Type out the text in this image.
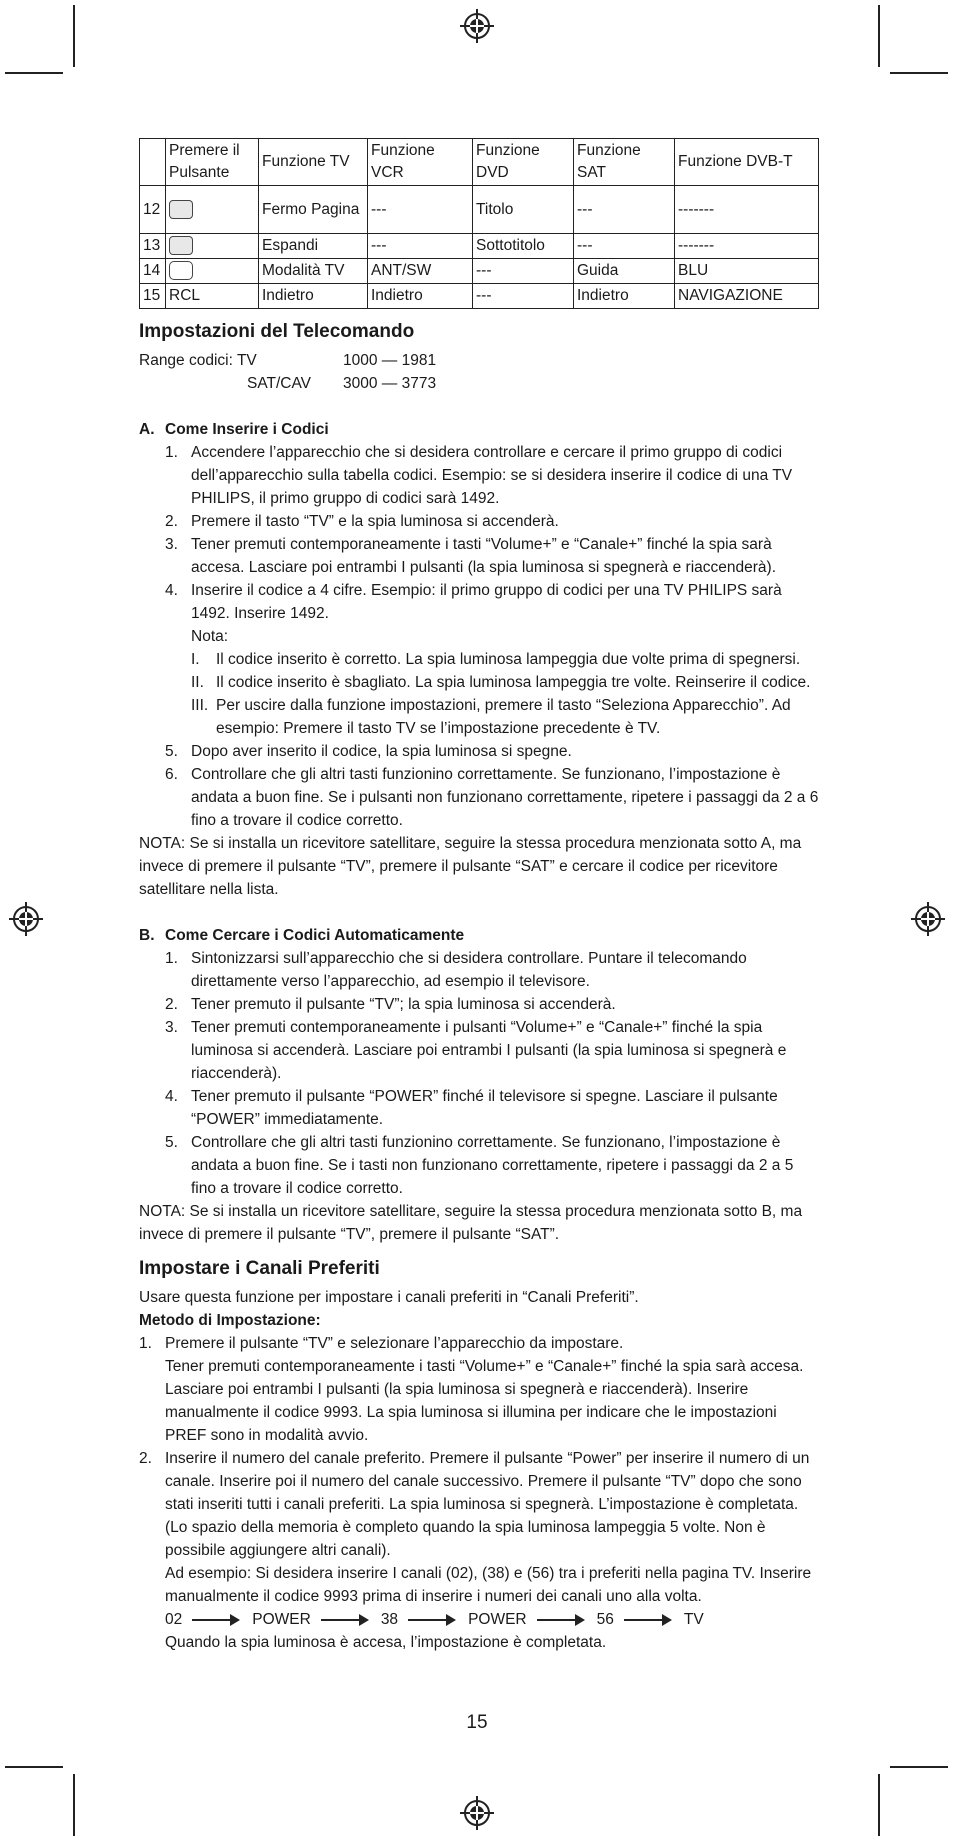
	Premere il Pulsante	Funzione TV	Funzione VCR	Funzione DVD	Funzione SAT	Funzione DVB-T
12		Fermo Pagina	---	Titolo	---	-------
13		Espandi	---	Sottotitolo	---	-------
14		Modalità TV	ANT/SW	---	Guida	BLU
15	RCL	Indietro	Indietro	---	Indietro	NAVIGAZIONE
Impostazioni del Telecomando
Range codici: TV	1000 — 1981
SAT/CAV	3000 — 3773
A. Come Inserire i Codici
1. Accendere l’apparecchio che si desidera controllare e cercare il primo gruppo di codici dell’apparecchio sulla tabella codici. Esempio: se si desidera inserire il codice di una TV PHILIPS, il primo gruppo di codici sarà 1492.
2. Premere il tasto “TV” e la spia luminosa si accenderà.
3. Tener premuti contemporaneamente i tasti “Volume+” e “Canale+” finché la spia sarà accesa. Lasciare poi entrambi I pulsanti (la spia luminosa si spegnerà e riaccenderà).
4. Inserire il codice a 4 cifre. Esempio: il primo gruppo di codici per una TV PHILIPS sarà 1492. Inserire 1492.
Nota:
I.	Il codice inserito è corretto. La spia luminosa lampeggia due volte prima di spegnersi.
II. Il codice inserito è sbagliato. La spia luminosa lampeggia tre volte. Reinserire il codice.
III. Per uscire dalla funzione impostazioni, premere il tasto “Seleziona Apparecchio”. Ad esempio: Premere il tasto TV se l’impostazione precedente è TV.
5. Dopo aver inserito il codice, la spia luminosa si spegne.
6. Controllare che gli altri tasti funzionino correttamente. Se funzionano, l’impostazione è andata a buon fine. Se i pulsanti non funzionano correttamente, ripetere i passaggi da 2 a 6 fino a trovare il codice corretto.
NOTA: Se si installa un ricevitore satellitare, seguire la stessa procedura menzionata sotto A, ma invece di premere il pulsante “TV”, premere il pulsante “SAT” e cercare il codice per ricevitore satellitare nella lista.
B. Come Cercare i Codici Automaticamente
1. Sintonizzarsi sull’apparecchio che si desidera controllare. Puntare il telecomando direttamente verso l’apparecchio, ad esempio il televisore.
2. Tener premuto il pulsante “TV”; la spia luminosa si accenderà.
3. Tener premuti contemporaneamente i pulsanti “Volume+” e “Canale+” finché la spia luminosa si accenderà. Lasciare poi entrambi I pulsanti (la spia luminosa si spegnerà e riaccenderà).
4. Tener premuto il pulsante “POWER” finché il televisore si spegne. Lasciare il pulsante “POWER” immediatamente.
5. Controllare che gli altri tasti funzionino correttamente. Se funzionano, l’impostazione è andata a buon fine. Se i tasti non funzionano correttamente, ripetere i passaggi da 2 a 5 fino a trovare il codice corretto.
NOTA: Se si installa un ricevitore satellitare, seguire la stessa procedura menzionata sotto B, ma invece di premere il pulsante “TV”, premere il pulsante “SAT”.
Impostare i Canali Preferiti
Usare questa funzione per impostare i canali preferiti in “Canali Preferiti”.
Metodo di Impostazione:
1. Premere il pulsante “TV” e selezionare l’apparecchio da impostare.
Tener premuti contemporaneamente i tasti “Volume+” e “Canale+” finché la spia sarà accesa. Lasciare poi entrambi I pulsanti (la spia luminosa si spegnerà e riaccenderà). Inserire manualmente il codice 9993. La spia luminosa si illumina per indicare che le impostazioni PREF sono in modalità avvio.
2. Inserire il numero del canale preferito. Premere il pulsante “Power” per inserire il numero di un canale. Inserire poi il numero del canale successivo. Premere il pulsante “TV” dopo che sono stati inseriti tutti i canali preferiti. La spia luminosa si spegnerà. L’impostazione è completata. (Lo spazio della memoria è completo quando la spia luminosa lampeggia 5 volte. Non è possibile aggiungere altri canali).
Ad esempio: Si desidera inserire I canali (02), (38) e (56) tra i preferiti nella pagina TV. Inserire manualmente il codice 9993 prima di inserire i numeri dei canali uno alla volta.
02	POWER	38	POWER	56	TV
Quando la spia luminosa è accesa, l’impostazione è completata.
15
